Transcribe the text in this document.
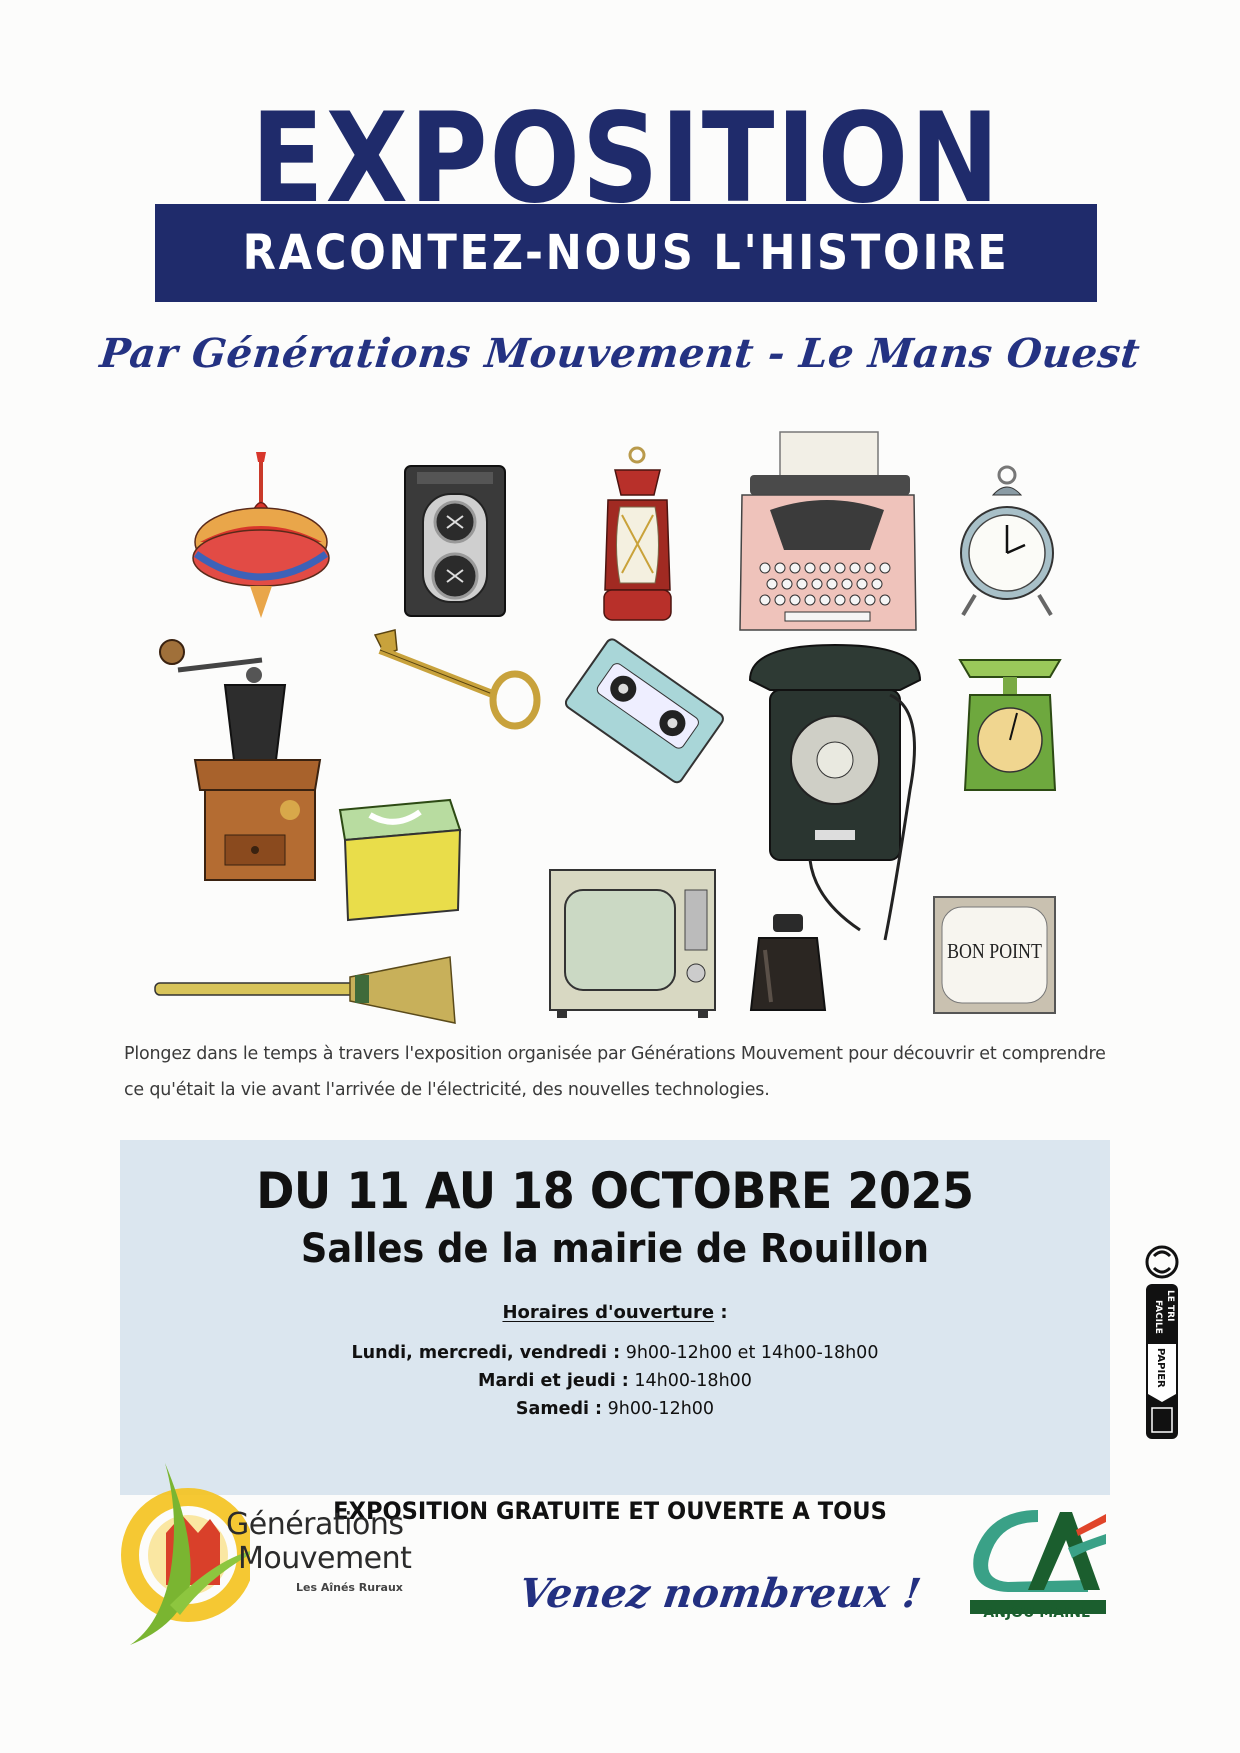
EXPOSITION
RACONTEZ-NOUS L'HISTOIRE
Par Générations Mouvement - Le Mans Ouest
BON POINT

Plongez dans le temps à travers l'exposition organisée par Générations Mouvement pour découvrir et comprendre ce qu'était la vie avant l'arrivée de l'électricité, des nouvelles technologies.

DU 11 AU 18 OCTOBRE 2025
Salles de la mairie de Rouillon
Horaires d'ouverture :
Lundi, mercredi, vendredi : 9h00-12h00 et 14h00-18h00
Mardi et jeudi : 14h00-18h00
Samedi : 9h00-12h00
EXPOSITION GRATUITE ET OUVERTE A TOUS
Venez nombreux !
Générations
Mouvement
Les Aînés Ruraux
ANJOU MAINE
LE TRI
FACILE
PAPIER
